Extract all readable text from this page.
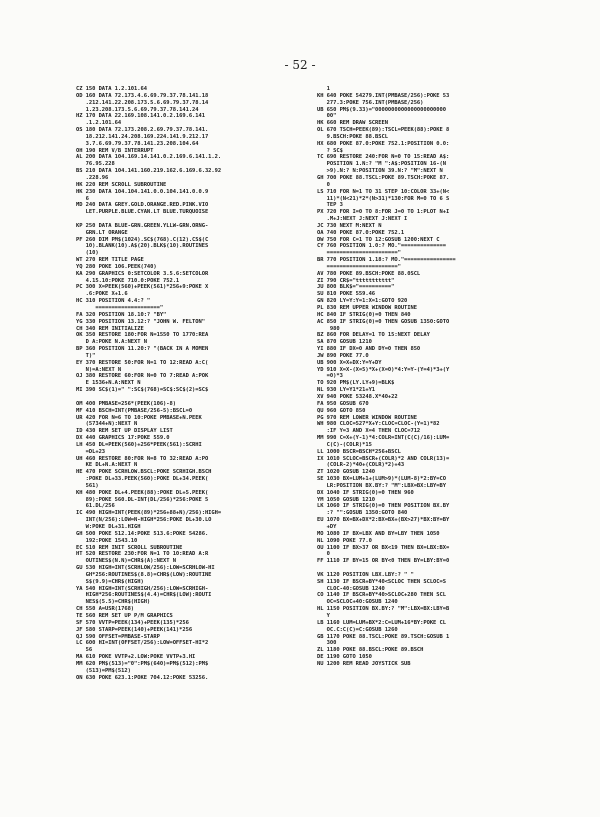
- 52 -
CZ 150 DATA 1.2.101.64
OD 160 DATA 72.173.4.6.69.79.37.78.141.18
.212.141.22.208.173.5.6.69.79.37.78.14
1.23.208.173.5.6.69.79.37.78.141.24
HZ 170 DATA 22.169.108.141.0.2.169.6.141
.1.2.101.64
OS 180 DATA 72.173.208.2.69.79.37.78.141.
18.212.141.24.208.169.224.141.9.212.17
3.7.6.69.79.37.78.141.23.208.104.64
OH 190 REM V/B INTERRUPT
AL 200 DATA 104.169.14.141.0.2.169.6.141.1.2.
76.95.228
BS 210 DATA 104.141.160.219.162.6.169.6.32.92
.228.96
HK 220 REM SCROLL SUBROUTINE
HK 230 DATA 104.104.141.0.0.104.141.0.0.9
6
MD 240 DATA GREY.GOLD.ORANGE.RED.PINK.VIO
LET.PURPLE.BLUE.CYAN.LT BLUE.TURQUOISE
KP 250 DATA BLUE-GRN.GREEN.YLLW-GRN.ORNG-
GRN.LT ORANGE
PF 260 DIM PM$(1024).SC$(768).C(12).CS$(C
10).BLANK(10).A$(20).BLK$(10).ROUTINES
(10)
WT 270 REM TITLE PAGE
YQ 280 POKE 106.PEEK(740)
KA 290 GRAPHICS 0:SETCOLOR 3.5.6:SETCOLOR
4.15.10:POKE 710.0:POKE 752.1
PC 300 X=PEEK(560)+PEEK(561)*256+9:POKE X
.6:POKE X+1.6
HC 310 POSITION 4.4:? "
===================="
FA 320 POSITION 18.10:? "BY"
YG 330 POSITION 13.12:? "JOHN W. FELTON"
CH 340 REM INITIALIZE
OK 350 RESTORE 180:FOR N=1550 TO 1770:REA
D A:POKE N.A:NEXT N
BP 360 POSITION 11.20:? "(BACK IN A MOMEN
T)"
EY 370 RESTORE 50:FOR N=1 TO 12:READ A:C(
N)=A:NEXT N
OJ 380 RESTORE 60:FOR N=0 TO 7:READ A:POK
E 1536+N.A:NEXT N
MI 390 SC$(1)=" ":SC$(768)=SC$:SC$(2)=SC$
OM 400 PMBASE=256*(PEEK(106)-8)
MF 410 BSCH=INT(PMBASE/256-5):BSCL=0
UR 420 FOR N=6 TO 10:POKE PMBASE+N.PEEK
(57344+N):NEXT N
ID 430 REM SET UP DISPLAY LIST
DX 440 GRAPHICS 17:POKE 559.0
LH 450 DL=PEEK(560)+256*PEEK(561):SCRHI
=DL+23
UH 460 RESTORE 80:FOR N=8 TO 32:READ A:PO
KE DL+N.A:NEXT N
HE 470 POKE SCRHLOW.BSCL:POKE SCRHIGH.BSCH
:POKE DL+33.PEEK(560):POKE DL+34.PEEK(
561)
KH 480 POKE DL+4.PEEK(88):POKE DL+5.PEEK(
89):POKE 560.DL-INT(DL/256)*256:POKE 5
61.DL/256
IC 490 HIGH=INT(PEEK(89)*256+88+N)/256):HIGH=
INT(N/256):LOW=N-HIGH*256:POKE DL+30.LO
W:POKE DL+31.HIGH
GH 500 POKE 512.14:POKE 513.6:POKE 54286.
192:POKE 1543.10
EC 510 REM INIT SCROLL SUBROUTINE
HT 520 RESTORE 230:FOR N=1 TO 10:READ A:R
OUTINES$(N.N)=CHR$(A):NEXT N
GU 530 HIGH=INT(SCRHLOW/256):LOW=SCRHLOW-HI
GH*256:ROUTINES$(8.8)=CHR$(LOW):ROUTINE
S$(9.9)=CHR$(HIGH)
YA 540 HIGH=INT(SCRHIGH/256):LOW=SCRHIGH-
HIGH*256:ROUTINES$(4.4)=CHR$(LOW):ROUTI
NES$(5.5)=CHR$(HIGH)
CH 550 A=USR(1768)
TE 560 REM SET UP P/M GRAPHICS
SF 570 VVTP=PEEK(134)+PEEK(135)*256
JF 580 STARP=PEEK(140)+PEEK(141)*256
QJ 590 OFFSET=PMBASE-STARP
LC 600 HI=INT(OFFSET/256):LOW=OFFSET-HI*2
56
MA 610 POKE VVTP+2.LOW:POKE VVTP+3.HI
MM 620 PM$(513)="0":PM$(640)=PM$(512):PM$
(513)=PM$(512)
ON 630 POKE 623.1:POKE 704.12:POKE 53256.
1
KH 640 POKE 54279.INT(PMBASE/256):POKE 53
277.3:POKE 756.INT(PMBASE/256)
UB 650 PM$(9.33)="0000000000000000000000
00"
HK 660 REM DRAW SCREEN
OL 670 TSCH=PEEK(89):TSCL=PEEK(88):POKE 8
9.BSCH:POKE 88.BSCL
HX 680 POKE 87.0:POKE 752.1:POSITION 0.0:
? SC$
TC 690 RESTORE 240:FOR N=0 TO 15:READ A$:
POSITION 1.N:? "M ":A$:POSITION 16-(N
>9).N:? N:POSITION 39.N:? "M":NEXT N
GH 700 POKE 88.TSCL:POKE 89.TSCH:POKE 87.
0
LS 710 FOR N=1 TO 31 STEP 10:COLOR 33+(N<
11)*(N<21)*2*(N>31)*130:FOR M=0 TO 6 S
TEP 3
PX 720 FOR I=0 TO 8:FOR J=0 TO 1:PLOT N+I
.M+J:NEXT J:NEXT J:NEXT I
JC 730 NEXT M:NEXT N
OA 740 POKE 87.0:POKE 752.1
DW 750 FOR C=1 TO 12:GOSUB 1200:NEXT C
CY 760 POSITION 1.0:? MO."==============
======================"
BR 770 POSITION 1.18:? MO."================
======================"
AV 780 POKE 89.BSCH:POKE 88.0SCL
ZI 790 CR$="ttttttttttt"
JU 800 BLK$="=========="
SU 810 POKE 559.46
GN 820 LY=Y:Y=1:X=1:GOTO 920
PL 830 REM UPPER WINDOW ROUTINE
HC 840 IF STRIG(0)=0 THEN 840
AC 850 IF STRIG(0)=0 THEN GOSUB 1350:GOTO
980
BZ 860 FOR DELAY=1 TO 15:NEXT DELAY
SA 870 GOSUB 1210
YI 880 IF DX=0 AND DY=0 THEN 850
JW 890 POKE 77.0
UB 900 X=X+DX:Y=Y+DY
YD 910 X=X-(X=5)*X+(X=0)*4:Y=Y-(Y=4)*3+(Y
=0)*3
TO 920 PM$(LY.LY+9)=BLK$
NL 930 LY=Y1*21+Y1
XV 940 POKE 53248.X*40+22
FA 950 GOSUB 670
QU 960 GOTO 850
PG 970 REM LOWER WINDOW ROUTINE
WH 980 CLOC=527*X+Y:CLOC=CLOC-(Y=1)*82
:IF Y=3 AND X=4 THEN CLOC=712
MM 990 C=X+(Y-1)*4:COLR=INT(C(C)/16):LUM=
C(C)-(COLR)*15
LL 1000 BSCR=BSCH*256+BSCL
IX 1010 SCLOC=BSCR+(COLR)*2 AND COLR(13)=
(COLR-2)*40+(COLR)*2)+43
ZT 1020 GOSUB 1240
SE 1030 BX=LUM+1+(LUM>9)*(LUM-8)*2:BY=CO
LR:POSITION BX.BY:? "M":LBX=BX:LBY=BY
DX 1040 IF STRIG(0)=0 THEN 960
YM 1050 GOSUB 1210
LK 1060 IF STRIG(0)=0 THEN POSITION BX.BY
:? "":GOSUB 1350:GOTO 840
EU 1070 BX=BX+DX*2:BX=BX+(BX>27)*BX:BY=BY
+DY
MO 1080 IF BX=LBX AND BY=LBY THEN 1050
NL 1090 POKE 77.0
OU 1100 IF BX>37 OR BX<19 THEN BX=LBX:BX=
0
FF 1110 IF BY=15 OR BY<0 THEN BY=LBY:BY=0
VK 1120 POSITION LBX.LBY:? " "
SH 1130 IF BSCR+BY*40<SCLOC THEN SCLOC=S
CLOC-40:GOSUB 1240
CO 1140 IF BSCR+BY*40>SCLOC+280 THEN SCL
OC=SCLOC+40:GOSUB 1240
HL 1150 POSITION BX.BY:? "M":LBX=BX:LBY=B
Y
LB 1160 LUM=LUM+BX*2:C=LUM+16*BY:POKE CL
OC.C:C(C)=C:GOSUB 1260
GB 1170 POKE 88.TSCL:POKE 89.TSCH:GOSUB 1
300
ZL 1180 POKE 88.BSCL:POKE 89.BSCH
DE 1190 GOTO 1050
NU 1200 REM READ JOYSTICK SUB
